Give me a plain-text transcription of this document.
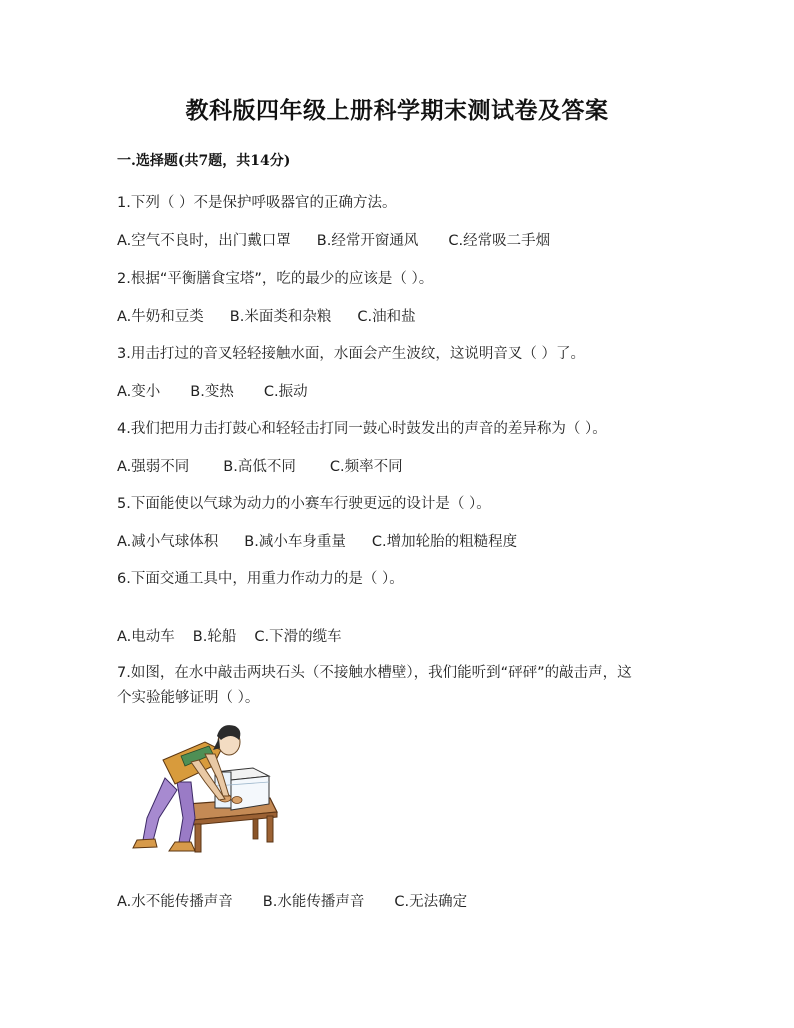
教科版四年级上册科学期末测试卷及答案
一.选择题(共7题，共14分)
1.下列（ ）不是保护呼吸器官的正确方法。
A.空气不良时，出门戴口罩 B.经常开窗通风 C.经常吸二手烟
2.根据“平衡膳食宝塔”，吃的最少的应该是（ ）。
A.牛奶和豆类 B.米面类和杂粮 C.油和盐
3.用击打过的音叉轻轻接触水面，水面会产生波纹，这说明音叉（ ）了。
A.变小 B.变热 C.振动
4.我们把用力击打鼓心和轻轻击打同一鼓心时鼓发出的声音的差异称为（ ）。
A.强弱不同 B.高低不同 C.频率不同
5.下面能使以气球为动力的小赛车行驶更远的设计是（ ）。
A.减小气球体积 B.减小车身重量 C.增加轮胎的粗糙程度
6.下面交通工具中，用重力作动力的是（ ）。
A.电动车 B.轮船 C.下滑的缆车
7.如图，在水中敲击两块石头（不接触水槽壁），我们能听到“砰砰”的敲击声，这
个实验能够证明（ ）。
A.水不能传播声音 B.水能传播声音 C.无法确定
